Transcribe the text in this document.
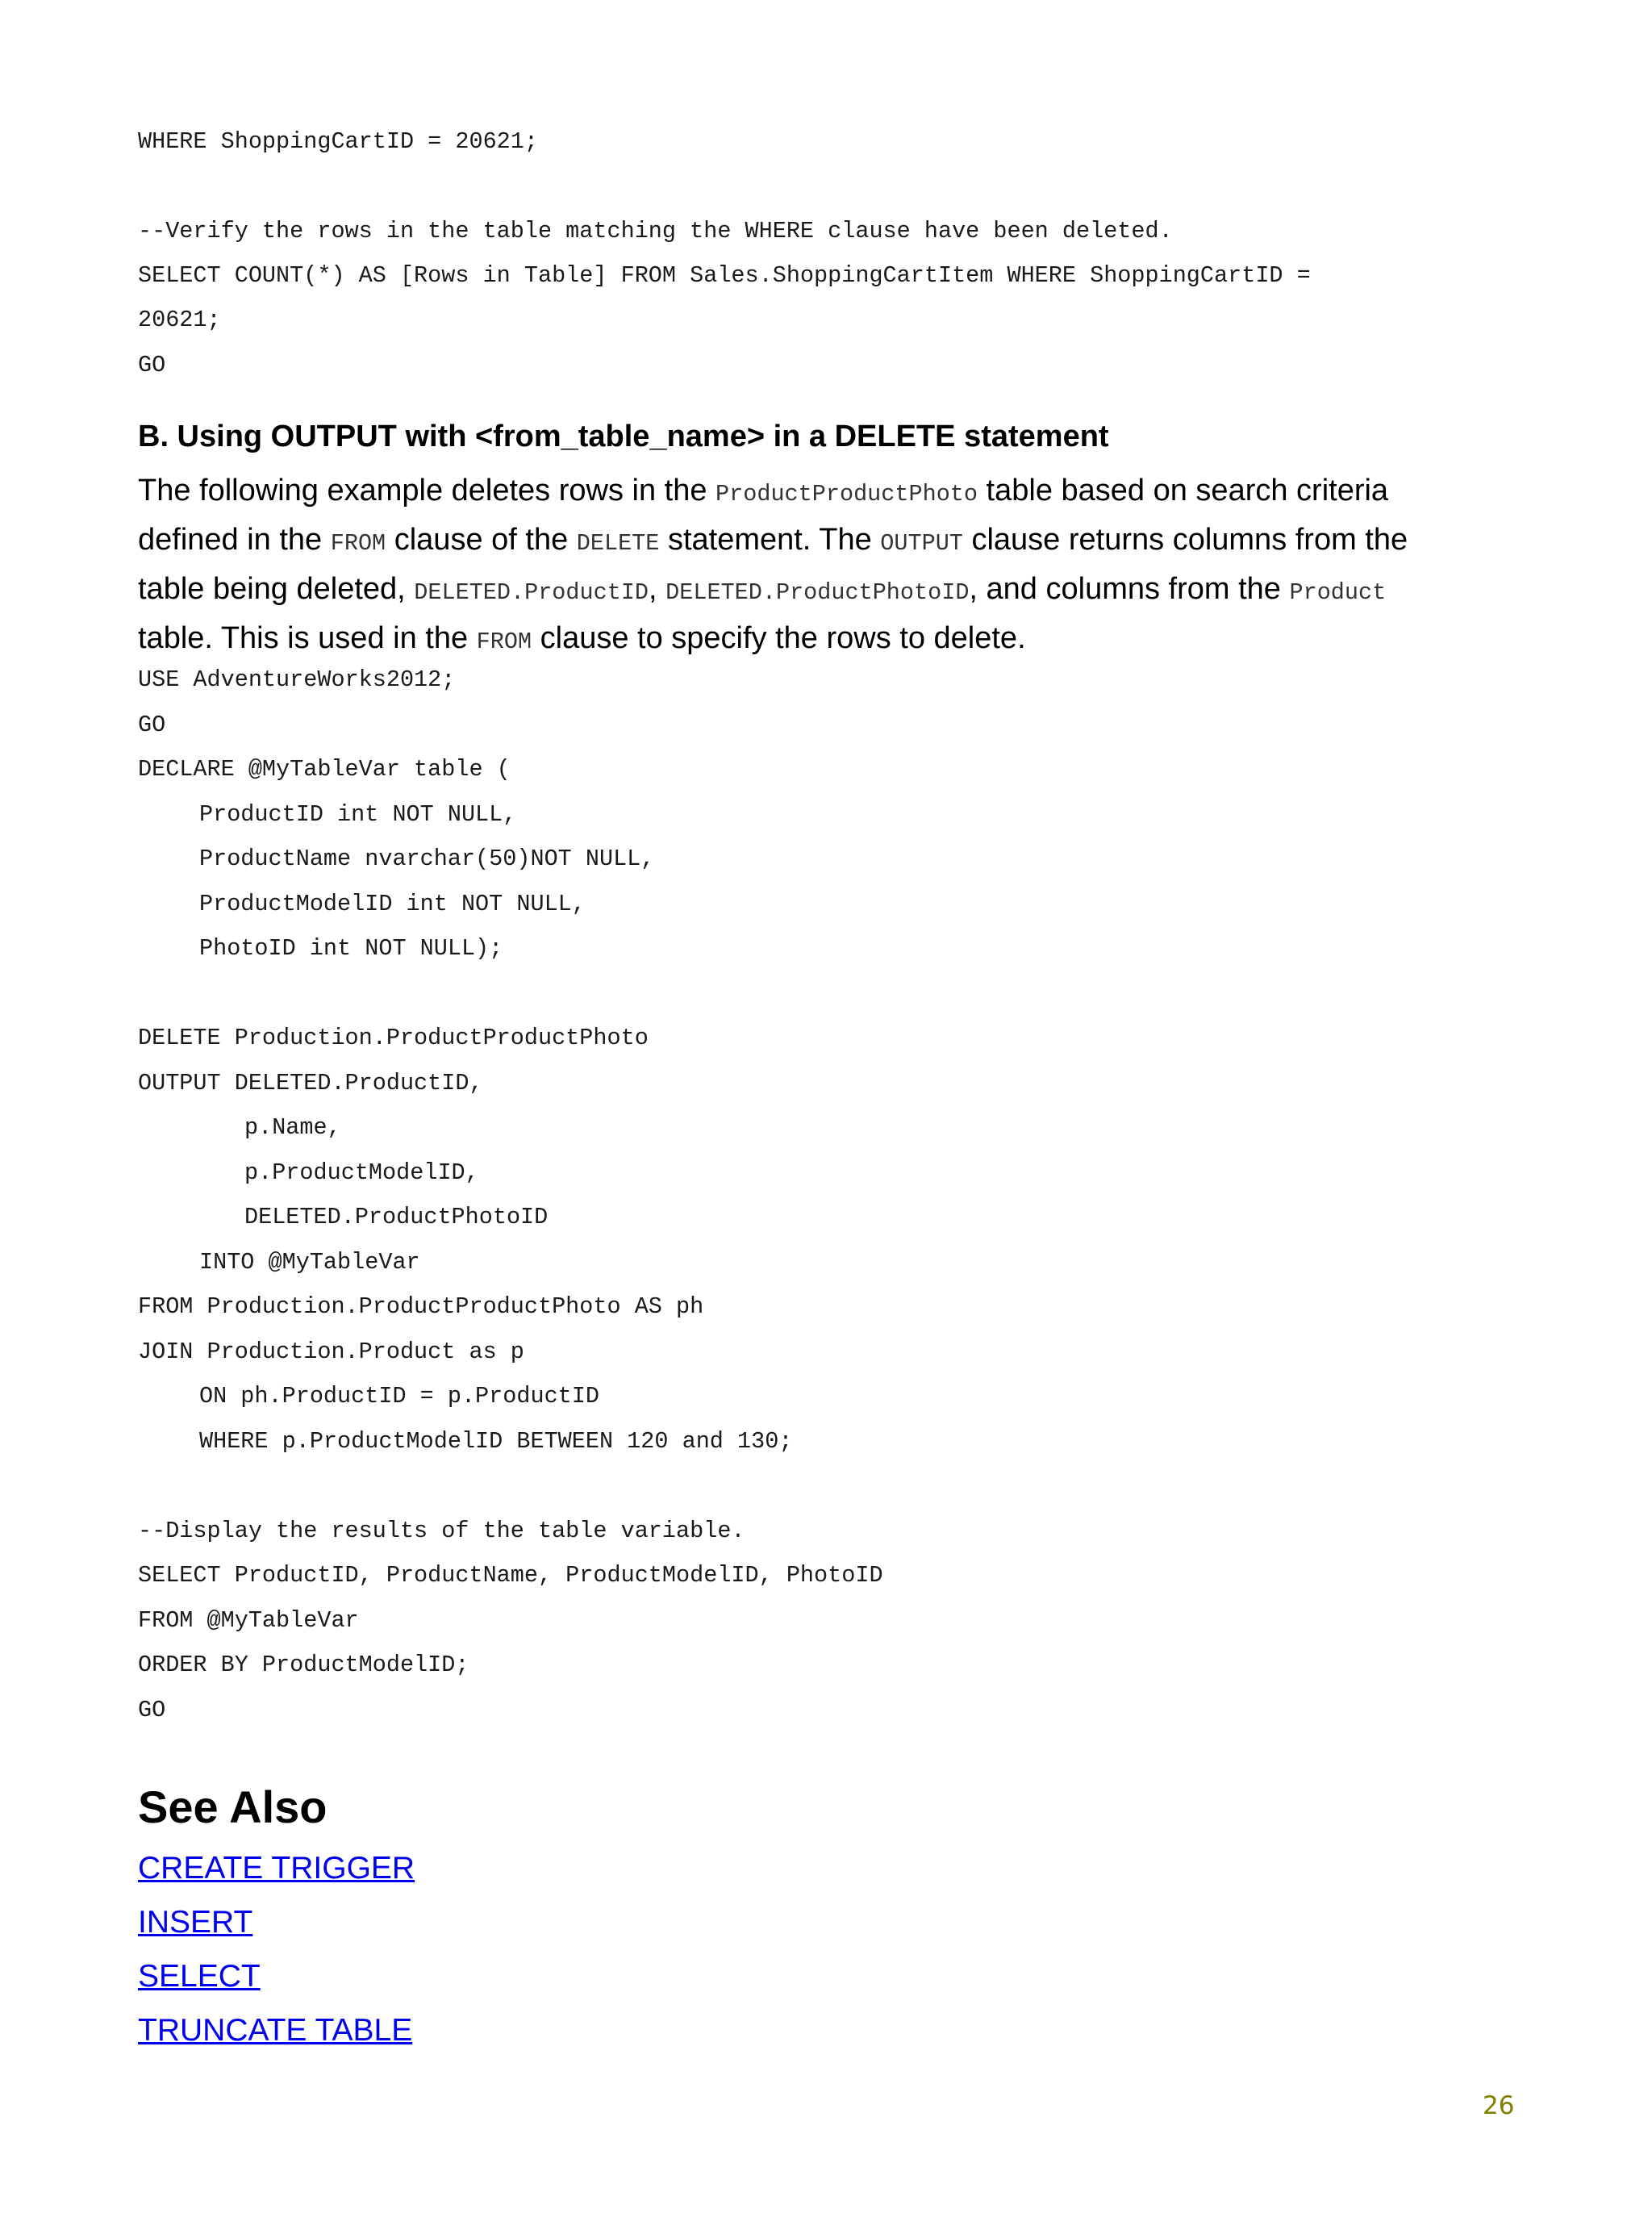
WHERE ShoppingCartID = 20621;
--Verify the rows in the table matching the WHERE clause have been deleted.
SELECT COUNT(*) AS [Rows in Table] FROM Sales.ShoppingCartItem WHERE ShoppingCartID =
20621;
GO
B. Using OUTPUT with <from_table_name> in a DELETE statement
The following example deletes rows in the ProductProductPhoto table based on search criteria
defined in the FROM clause of the DELETE statement. The OUTPUT clause returns columns from the
table being deleted, DELETED.ProductID, DELETED.ProductPhotoID, and columns from the Product
table. This is used in the FROM clause to specify the rows to delete.
USE AdventureWorks2012;
GO
DECLARE @MyTableVar table (
ProductID int NOT NULL,
ProductName nvarchar(50)NOT NULL,
ProductModelID int NOT NULL,
PhotoID int NOT NULL);
DELETE Production.ProductProductPhoto
OUTPUT DELETED.ProductID,
p.Name,
p.ProductModelID,
DELETED.ProductPhotoID
INTO @MyTableVar
FROM Production.ProductProductPhoto AS ph
JOIN Production.Product as p
ON ph.ProductID = p.ProductID
WHERE p.ProductModelID BETWEEN 120 and 130;
--Display the results of the table variable.
SELECT ProductID, ProductName, ProductModelID, PhotoID
FROM @MyTableVar
ORDER BY ProductModelID;
GO
See Also
CREATE TRIGGER
INSERT
SELECT
TRUNCATE TABLE
26
